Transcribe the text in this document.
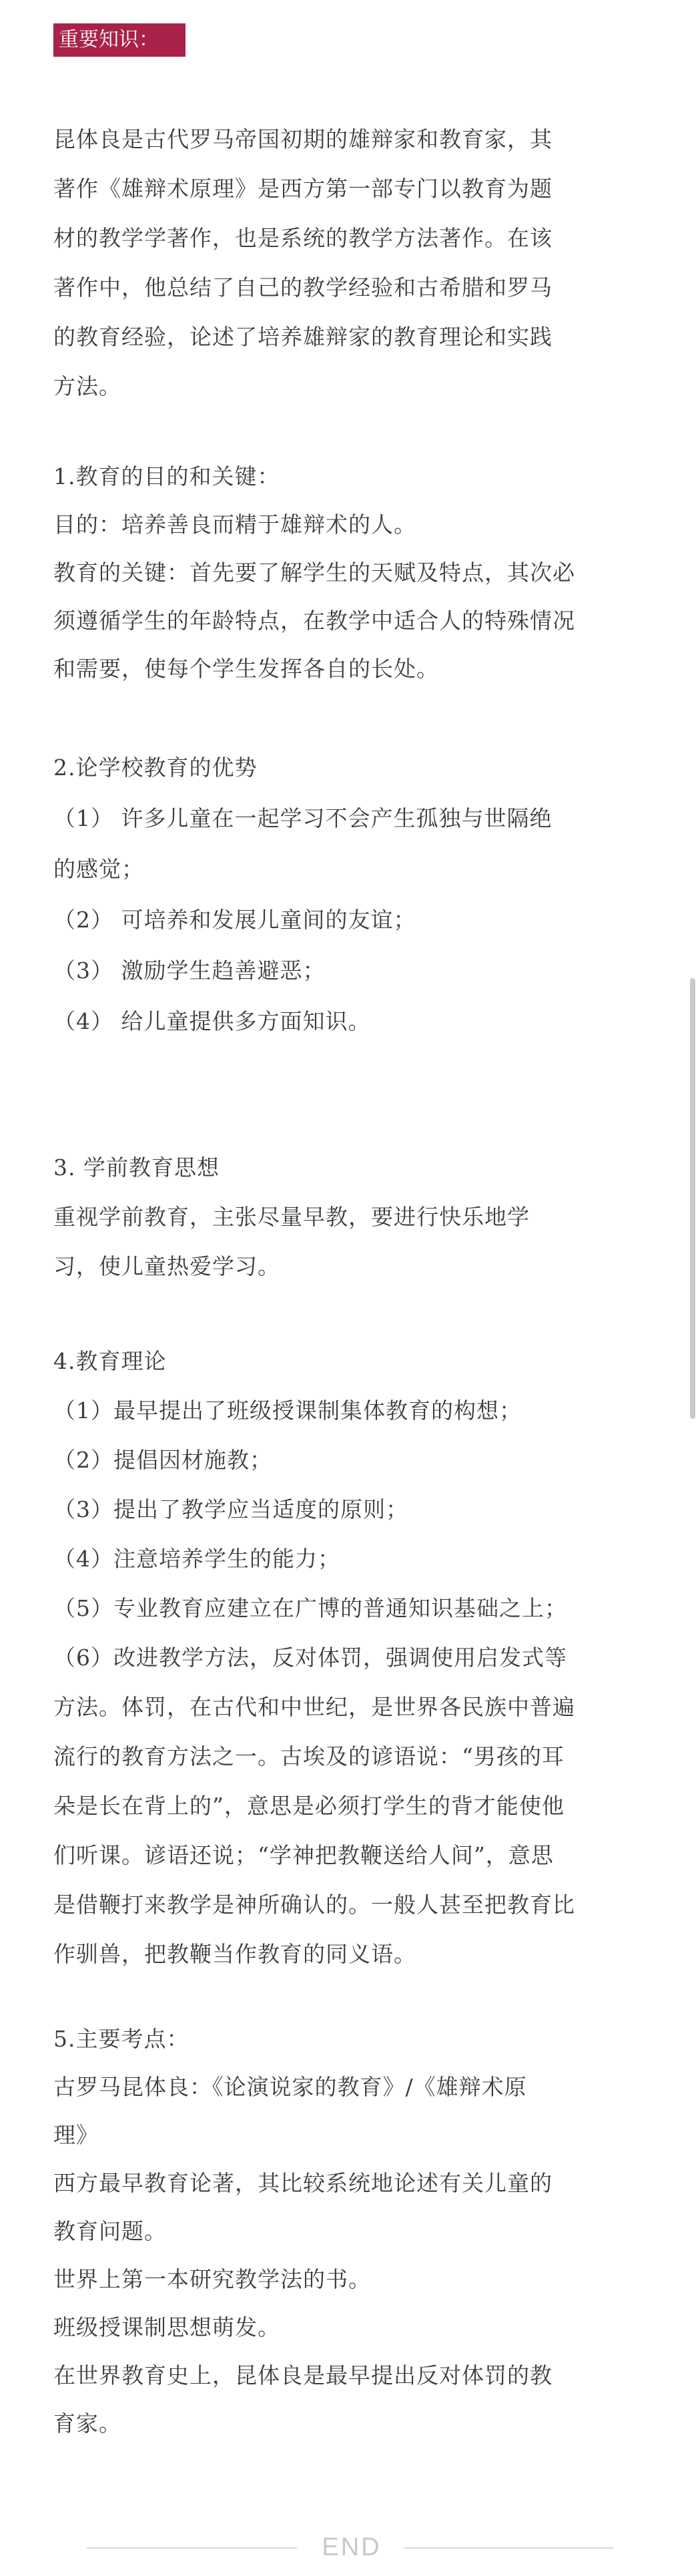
重要知识：
昆体良是古代罗马帝国初期的雄辩家和教育家，其
著作《雄辩术原理》是西方第一部专门以教育为题
材的教学学著作，也是系统的教学方法著作。在该
著作中，他总结了自己的教学经验和古希腊和罗马
的教育经验，论述了培养雄辩家的教育理论和实践
方法。
1.教育的目的和关键：
目的：培养善良而精于雄辩术的人。
教育的关键：首先要了解学生的天赋及特点，其次必
须遵循学生的年龄特点，在教学中适合人的特殊情况
和需要，使每个学生发挥各自的长处。
2.论学校教育的优势
（1） 许多儿童在一起学习不会产生孤独与世隔绝
的感觉；
（2） 可培养和发展儿童间的友谊；
（3） 激励学生趋善避恶；
（4） 给儿童提供多方面知识。
3. 学前教育思想
重视学前教育，主张尽量早教，要进行快乐地学
习，使儿童热爱学习。
4.教育理论
（1）最早提出了班级授课制集体教育的构想；
（2）提倡因材施教；
（3）提出了教学应当适度的原则；
（4）注意培养学生的能力；
（5）专业教育应建立在广博的普通知识基础之上；
（6）改进教学方法，反对体罚，强调使用启发式等
方法。体罚，在古代和中世纪，是世界各民族中普遍
流行的教育方法之一。古埃及的谚语说：“男孩的耳
朵是长在背上的”，意思是必须打学生的背才能使他
们听课。谚语还说；“学神把教鞭送给人间”，意思
是借鞭打来教学是神所确认的。一般人甚至把教育比
作驯兽，把教鞭当作教育的同义语。
5.主要考点：
古罗马昆体良：《论演说家的教育》/《雄辩术原
理》
西方最早教育论著，其比较系统地论述有关儿童的
教育问题。
世界上第一本研究教学法的书。
班级授课制思想萌发。
在世界教育史上，昆体良是最早提出反对体罚的教
育家。
END
